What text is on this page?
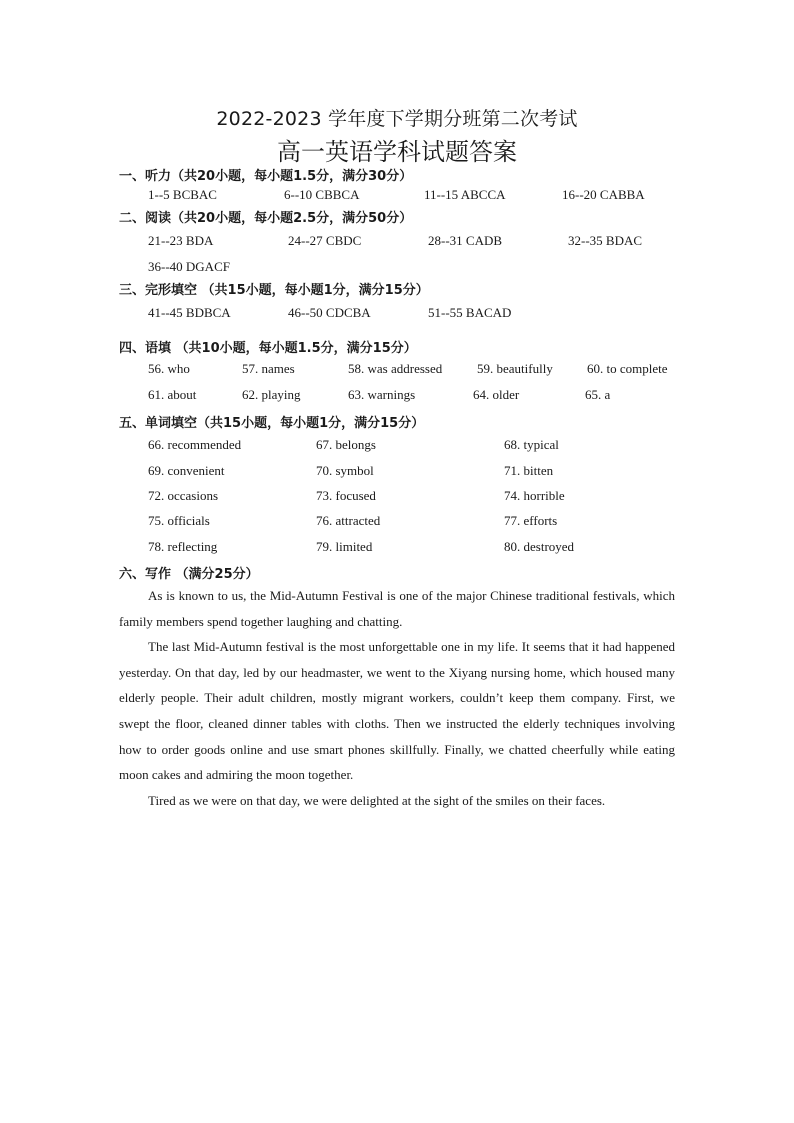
2022-2023 学年度下学期分班第二次考试
高一英语学科试题答案
一、听力（共20小题，每小题1.5分，满分30分）
1--5 BCBAC	6--10 CBBCA	11--15 ABCCA	16--20 CABBA
二、阅读（共20小题，每小题2.5分，满分50分）
21--23 BDA	24--27 CBDC	28--31 CADB	32--35 BDAC
36--40 DGACF
三、完形填空 （共15小题，每小题1分，满分15分）
41--45 BDBCA	46--50 CDCBA	51--55 BACAD
四、语填 （共10小题，每小题1.5分，满分15分）
56. who	57. names	58. was addressed	59. beautifully	60. to complete
61. about	62. playing	63. warnings	64. older	65. a
五、单词填空（共15小题，每小题1分，满分15分）
66. recommended	67. belongs	68. typical
69. convenient	70. symbol	71. bitten
72. occasions	73. focused	74. horrible
75. officials	76. attracted	77. efforts
78. reflecting	79. limited	80. destroyed
六、写作 （满分25分）

As is known to us, the Mid-Autumn Festival is one of the major Chinese traditional festivals, which family members spend together laughing and chatting.

The last Mid-Autumn festival is the most unforgettable one in my life. It seems that it had happened yesterday. On that day, led by our headmaster, we went to the Xiyang nursing home, which housed many elderly people. Their adult children, mostly migrant workers, couldn’t keep them company. First, we swept the floor, cleaned dinner tables with cloths. Then we instructed the elderly techniques involving how to order goods online and use smart phones skillfully. Finally, we chatted cheerfully while eating moon cakes and admiring the moon together.

Tired as we were on that day, we were delighted at the sight of the smiles on their faces.
